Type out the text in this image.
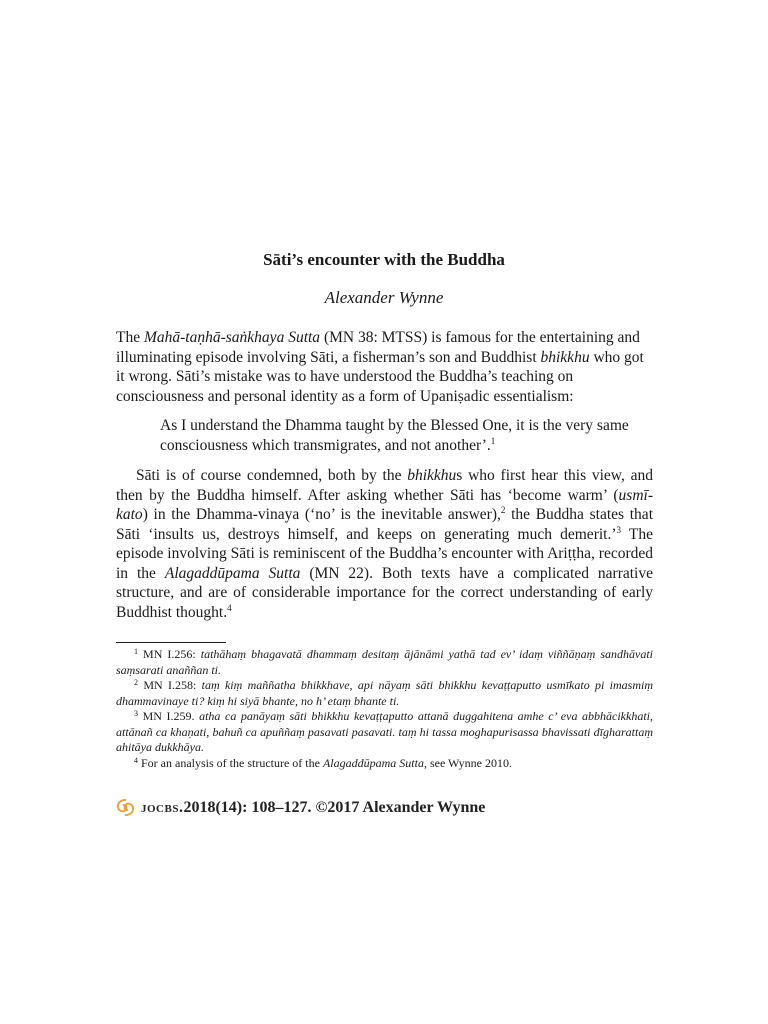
Sāti’s encounter with the Buddha
Alexander Wynne
The Mahā-taṇhā-saṅkhaya Sutta (MN 38: MTSS) is famous for the entertaining and illuminating episode involving Sāti, a fisherman’s son and Buddhist bhikkhu who got it wrong. Sāti’s mistake was to have understood the Buddha’s teaching on consciousness and personal identity as a form of Upaniṣadic essentialism:
As I understand the Dhamma taught by the Blessed One, it is the very same consciousness which transmigrates, and not another’.$^1$
Sāti is of course condemned, both by the bhikkhus who first hear this view, and then by the Buddha himself. After asking whether Sāti has ‘become warm’ (usmī-kato) in the Dhamma-vinaya (‘no’ is the inevitable answer),$^2$ the Buddha states that Sāti ‘insults us, destroys himself, and keeps on generating much demerit.’$^3$ The episode involving Sāti is reminiscent of the Buddha’s encounter with Ariṭṭha, recorded in the Alagaddūpama Sutta (MN 22). Both texts have a complicated narrative structure, and are of considerable importance for the correct understanding of early Buddhist thought.$^4$
$^1$ MN I.256: tathāhaṃ bhagavatā dhammaṃ desitaṃ ājānāmi yathā tad ev’ idaṃ viññāṇaṃ sandhāvati saṃsarati anaññan ti.
$^2$ MN I.258: taṃ kiṃ maññatha bhikkhave, api nāyaṃ sāti bhikkhu kevaṭṭaputto usmīkato pi imasmiṃ dhammavinaye ti? kiṃ hi siyā bhante, no h’ etaṃ bhante ti.
$^3$ MN I.259. atha ca panāyaṃ sāti bhikkhu kevaṭṭaputto attanā duggahitena amhe c’ eva abbhācikkhati, attānañ ca khaṇati, bahuñ ca apuññaṃ pasavati pasavati. taṃ hi tassa moghapurisassa bhavissati dīgharattaṃ ahitāya dukkhāya.
$^4$ For an analysis of the structure of the Alagaddūpama Sutta, see Wynne 2010.
jocbs. 2018(14): 108–127. ©2017 Alexander Wynne
